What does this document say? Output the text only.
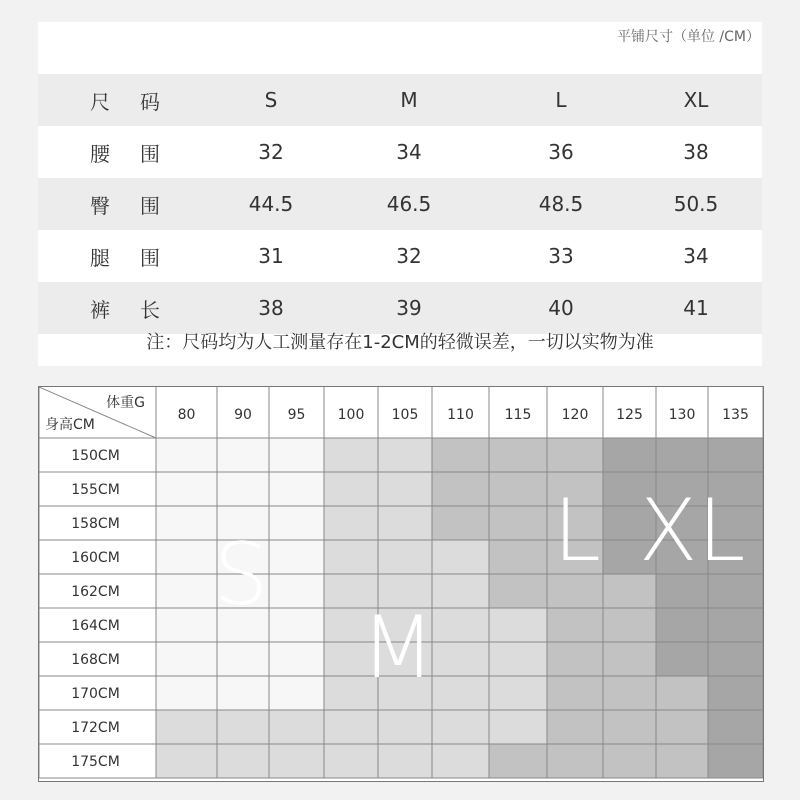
平铺尺寸（单位 /CM）
尺码	S	M	L	XL
腰围	32	34	36	38
臀围	44.5	46.5	48.5	50.5
腿围	31	32	33	34
裤长	38	39	40	41
注：尺码均为人工测量存在1-2CM的轻微误差，一切以实物为准
体重G
身高CM
80	90	95 100 105 110 115 120 125 130 135
150CM
155CM
158CM
160CM
162CM
164CM
168CM
170CM
172CM
175CM
S
M
L XL
